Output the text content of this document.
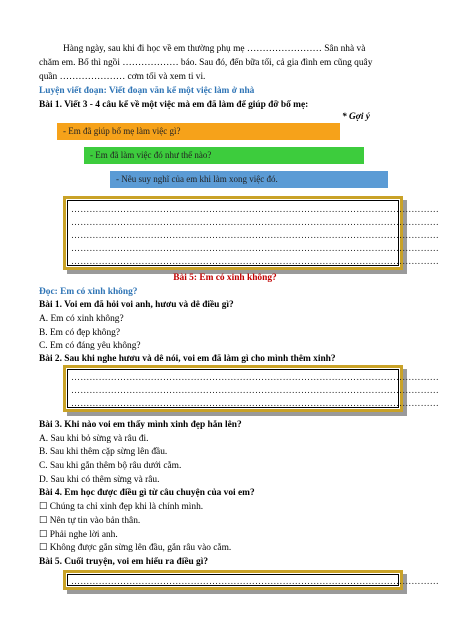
Hàng ngày, sau khi đi học về em thường phụ mẹ …………………… Sân nhà và
chăm em. Bố thì ngồi ……………… báo. Sau đó, đến bữa tối, cả gia đình em cũng quây
quần ………………… cơm tối và xem ti vi.
Luyện viết đoạn: Viết đoạn văn kể một việc làm ở nhà
Bài 1. Viết 3 - 4 câu kể về một việc mà em đã làm để giúp đỡ bố mẹ:
* Gợi ý
- Em đã giúp bố mẹ làm việc gì?
- Em đã làm việc đó như thế nào?
- Nêu suy nghĩ của em khi làm xong việc đó.
…………………………………………………………………………………………………………
…………………………………………………………………………………………………………
…………………………………………………………………………………………………………
…………………………………………………………………………………………………………
…………………………………………………………………………………………………………
Bài 5: Em có xinh không?
Đọc: Em có xinh không?
Bài 1. Voi em đã hỏi voi anh, hươu và dê điều gì?
A. Em có xinh không?
B. Em có đẹp không?
C. Em có đáng yêu không?
Bài 2. Sau khi nghe hươu và dê nói, voi em đã làm gì cho mình thêm xinh?
…………………………………………………………………………………………………………
…………………………………………………………………………………………………………
…………………………………………………………………………………………………………
Bài 3. Khi nào voi em thấy mình xinh đẹp hẳn lên?
A. Sau khi bỏ sừng và râu đi.
B. Sau khi thêm cặp sừng lên đầu.
C. Sau khi gắn thêm bộ râu dưới cằm.
D. Sau khi có thêm sừng và râu.
Bài 4. Em học được điều gì từ câu chuyện của voi em?
☐ Chúng ta chỉ xinh đẹp khi là chính mình.
☐ Nên tự tin vào bản thân.
☐ Phải nghe lời anh.
☐ Không được gắn sừng lên đầu, gắn râu vào cằm.
Bài 5. Cuối truyện, voi em hiểu ra điều gì?
…………………………………………………………………………………………………………
